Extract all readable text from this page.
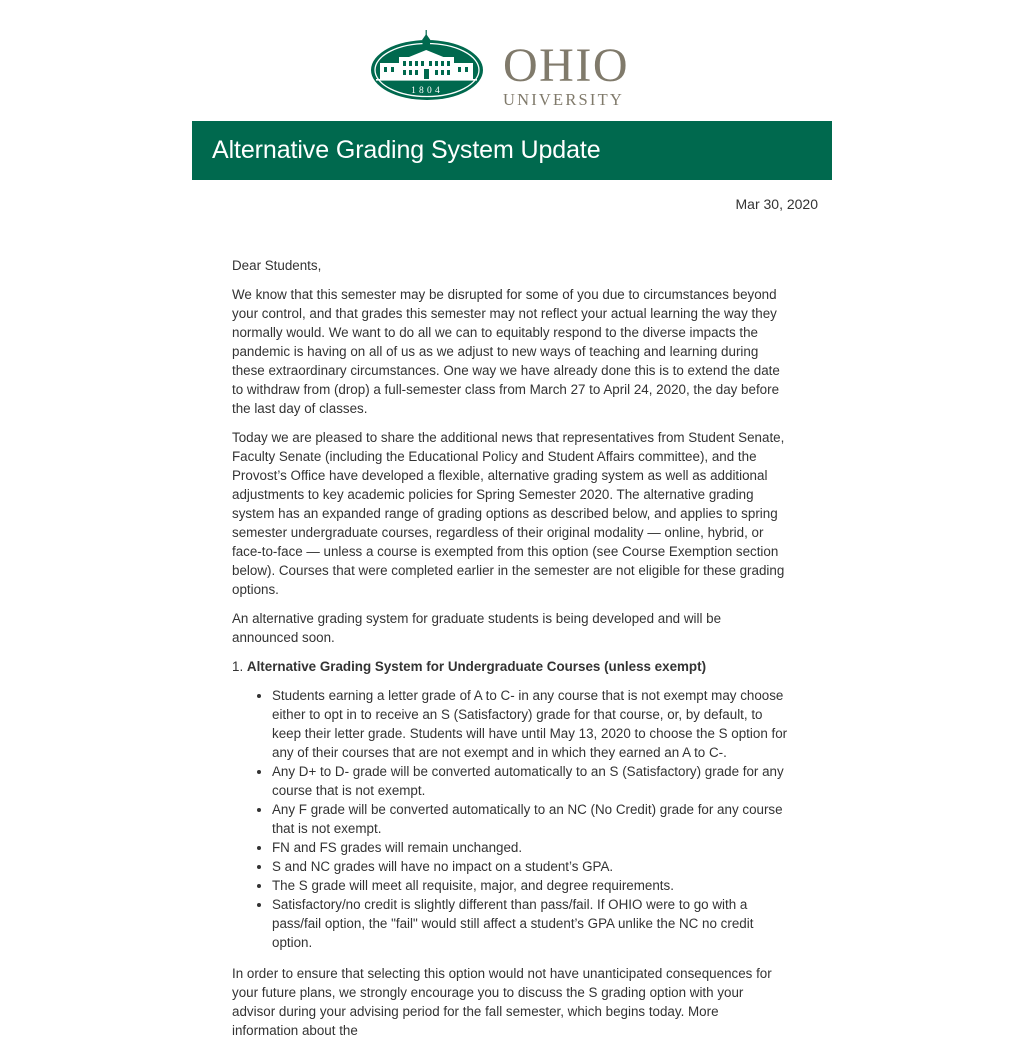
1804 OHIO
UNIVERSITY
Alternative Grading System Update
Mar 30, 2020

Dear Students,

We know that this semester may be disrupted for some of you due to circumstances beyond your control, and that grades this semester may not reflect your actual learning the way they normally would. We want to do all we can to equitably respond to the diverse impacts the pandemic is having on all of us as we adjust to new ways of teaching and learning during these extraordinary circumstances. One way we have already done this is to extend the date to withdraw from (drop) a full-semester class from March 27 to April 24, 2020, the day before the last day of classes.

Today we are pleased to share the additional news that representatives from Student Senate, Faculty Senate (including the Educational Policy and Student Affairs committee), and the Provost’s Office have developed a flexible, alternative grading system as well as additional adjustments to key academic policies for Spring Semester 2020. The alternative grading system has an expanded range of grading options as described below, and applies to spring semester undergraduate courses, regardless of their original modality — online, hybrid, or face-to-face — unless a course is exempted from this option (see Course Exemption section below). Courses that were completed earlier in the semester are not eligible for these grading options.

An alternative grading system for graduate students is being developed and will be announced soon.

1. Alternative Grading System for Undergraduate Courses (unless exempt)

• Students earning a letter grade of A to C- in any course that is not exempt may choose either to opt in to receive an S (Satisfactory) grade for that course, or, by default, to keep their letter grade. Students will have until May 13, 2020 to choose the S option for any of their courses that are not exempt and in which they earned an A to C-.
• Any D+ to D- grade will be converted automatically to an S (Satisfactory) grade for any course that is not exempt.
• Any F grade will be converted automatically to an NC (No Credit) grade for any course that is not exempt.
• FN and FS grades will remain unchanged.
• S and NC grades will have no impact on a student’s GPA.
• The S grade will meet all requisite, major, and degree requirements.
• Satisfactory/no credit is slightly different than pass/fail. If OHIO were to go with a pass/fail option, the "fail" would still affect a student’s GPA unlike the NC no credit option.

In order to ensure that selecting this option would not have unanticipated consequences for your future plans, we strongly encourage you to discuss the S grading option with your advisor during your advising period for the fall semester, which begins today. More information about the
